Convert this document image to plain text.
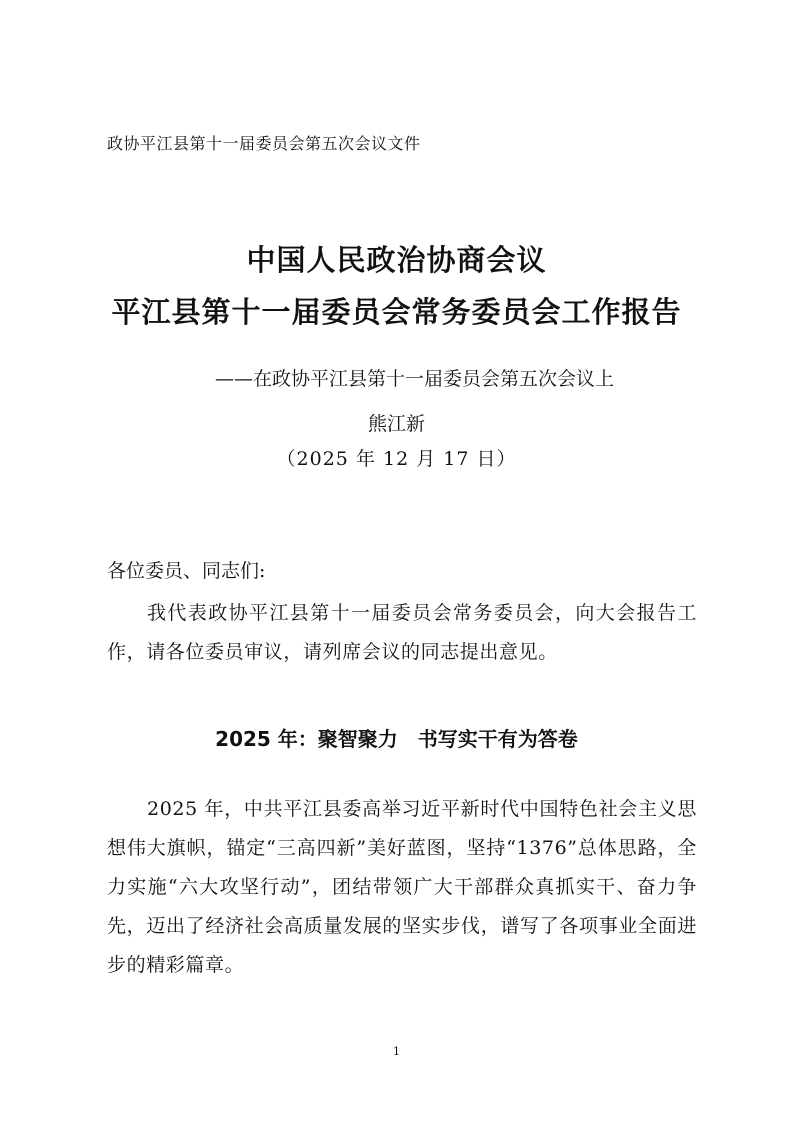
政协平江县第十一届委员会第五次会议文件
中国人民政治协商会议
平江县第十一届委员会常务委员会工作报告
——在政协平江县第十一届委员会第五次会议上
熊江新
（2025 年 12 月 17 日）
各位委员、同志们:
我代表政协平江县第十一届委员会常务委员会，向大会报告工作，请各位委员审议，请列席会议的同志提出意见。
2025 年：聚智聚力　书写实干有为答卷
2025 年，中共平江县委高举习近平新时代中国特色社会主义思想伟大旗帜，锚定“三高四新”美好蓝图，坚持“1376”总体思路，全力实施“六大攻坚行动”，团结带领广大干部群众真抓实干、奋力争先，迈出了经济社会高质量发展的坚实步伐，谱写了各项事业全面进步的精彩篇章。
1
